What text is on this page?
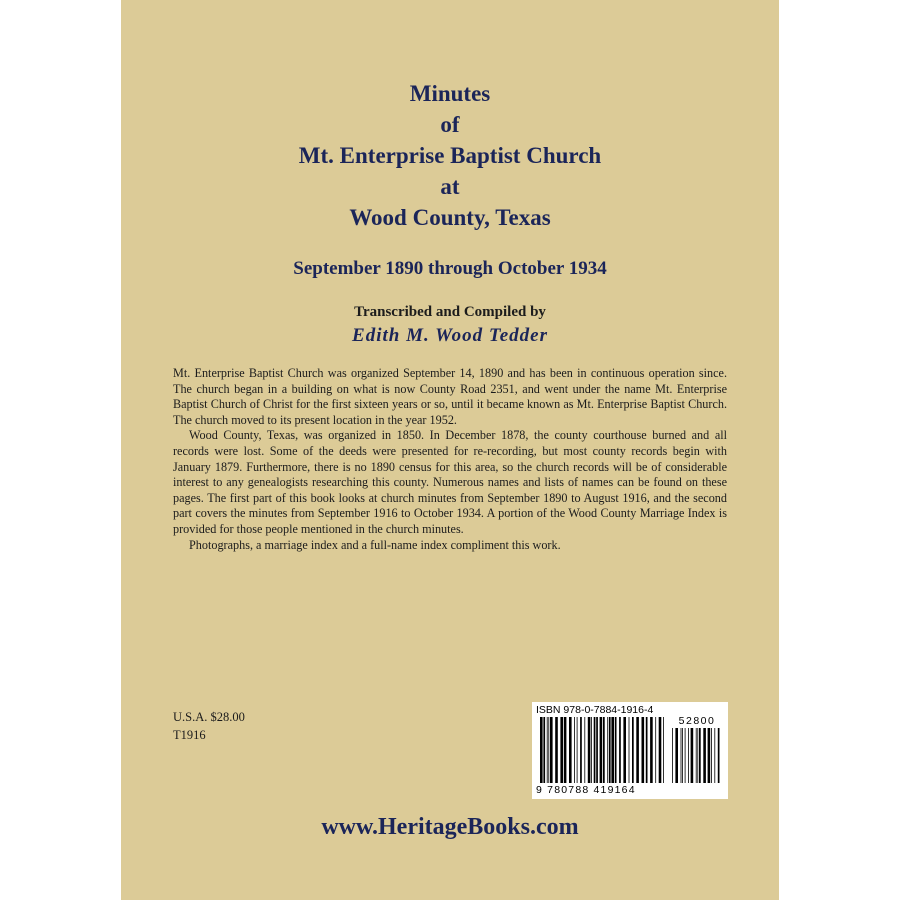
Minutes
of
Mt. Enterprise Baptist Church
at
Wood County, Texas
September 1890 through October 1934
Transcribed and Compiled by
Edith M. Wood Tedder

Mt. Enterprise Baptist Church was organized September 14, 1890 and has been in continuous operation since. The church began in a building on what is now County Road 2351, and went under the name Mt. Enterprise Baptist Church of Christ for the first sixteen years or so, until it became known as Mt. Enterprise Baptist Church. The church moved to its present location in the year 1952.

Wood County, Texas, was organized in 1850. In December 1878, the county courthouse burned and all records were lost. Some of the deeds were presented for re-recording, but most county records begin with January 1879. Furthermore, there is no 1890 census for this area, so the church records will be of considerable interest to any genealogists researching this county. Numerous names and lists of names can be found on these pages. The first part of this book looks at church minutes from September 1890 to August 1916, and the second part covers the minutes from September 1916 to October 1934. A portion of the Wood County Marriage Index is provided for those people mentioned in the church minutes.

Photographs, a marriage index and a full-name index compliment this work.

U.S.A. $28.00
T1916
ISBN 978-0-7884-1916-4
52800
9 780788 419164
www.HeritageBooks.com
